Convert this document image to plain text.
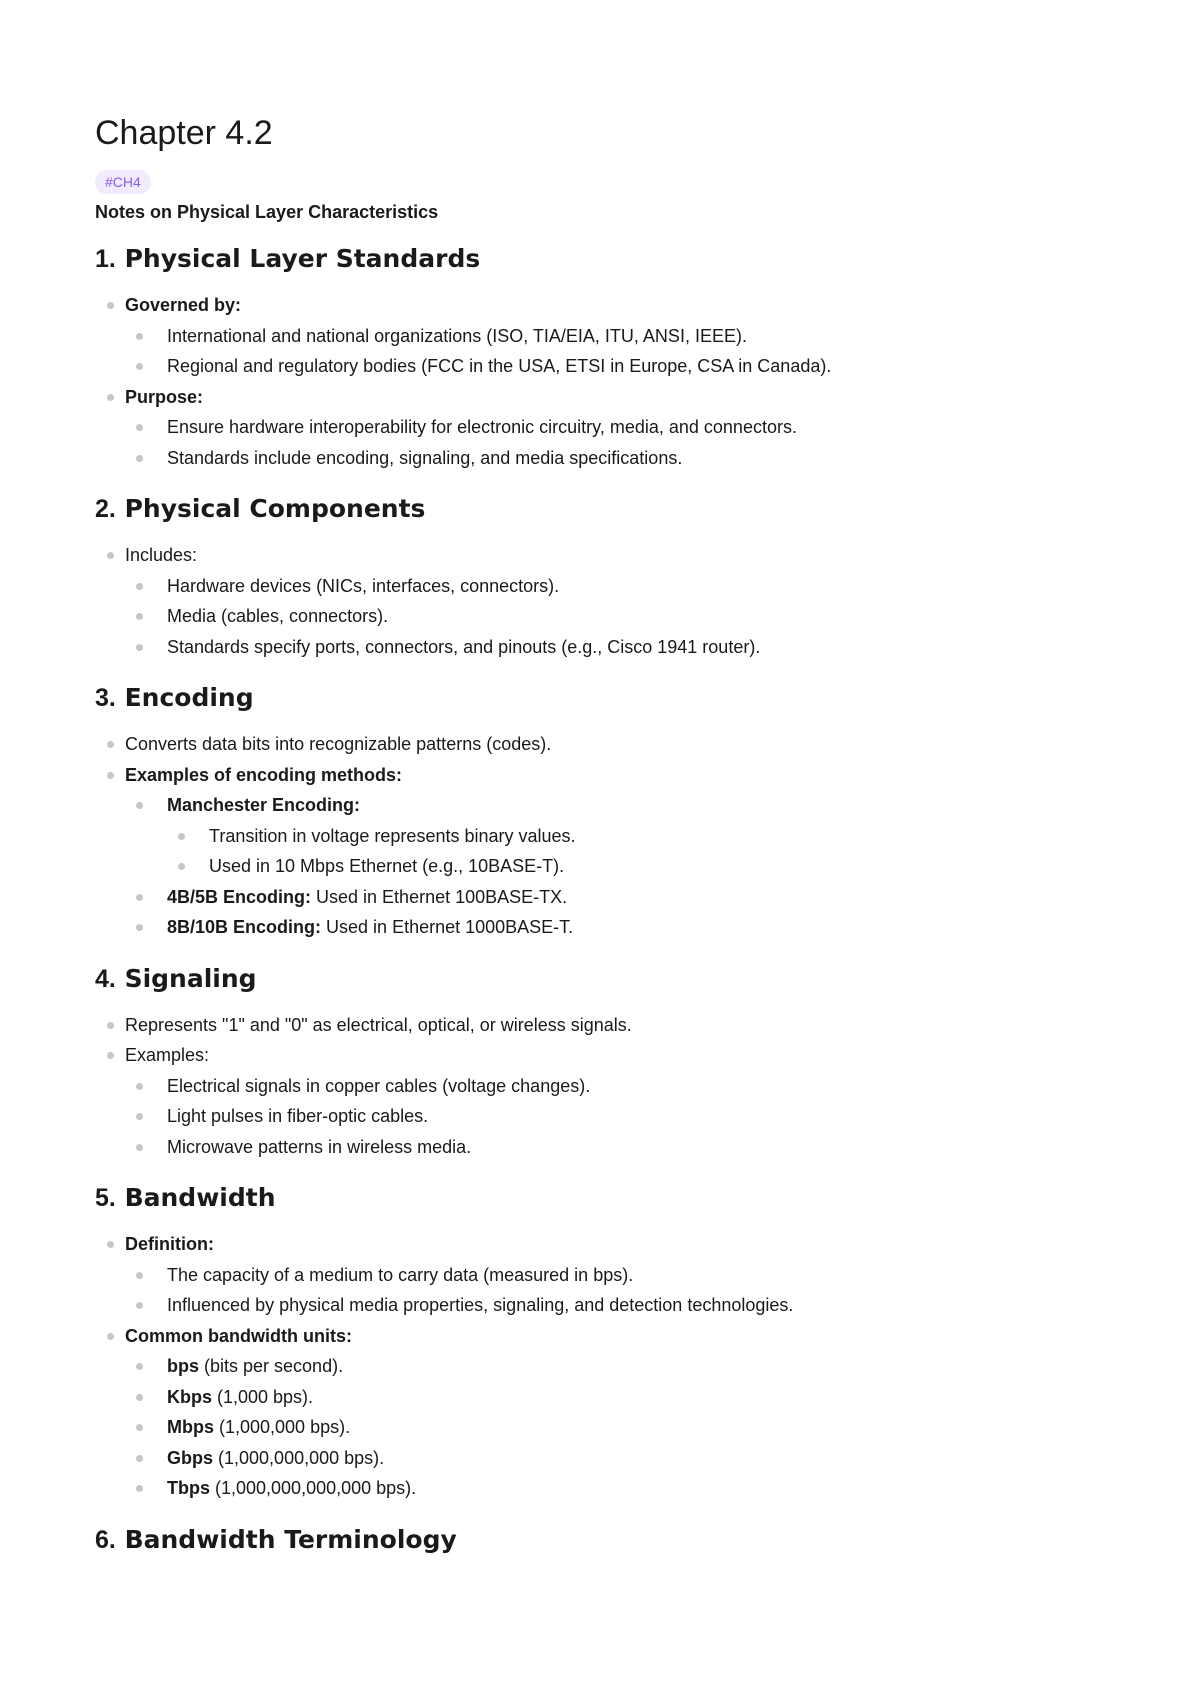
Chapter 4.2
#CH4

Notes on Physical Layer Characteristics

1. Physical Layer Standards
Governed by:
International and national organizations (ISO, TIA/EIA, ITU, ANSI, IEEE).
Regional and regulatory bodies (FCC in the USA, ETSI in Europe, CSA in Canada).
Purpose:
Ensure hardware interoperability for electronic circuitry, media, and connectors.
Standards include encoding, signaling, and media specifications.
2. Physical Components
Includes:
Hardware devices (NICs, interfaces, connectors).
Media (cables, connectors).
Standards specify ports, connectors, and pinouts (e.g., Cisco 1941 router).
3. Encoding
Converts data bits into recognizable patterns (codes).
Examples of encoding methods:
Manchester Encoding:
Transition in voltage represents binary values.
Used in 10 Mbps Ethernet (e.g., 10BASE-T).
4B/5B Encoding: Used in Ethernet 100BASE-TX.
8B/10B Encoding: Used in Ethernet 1000BASE-T.
4. Signaling
Represents "1" and "0" as electrical, optical, or wireless signals.
Examples:
Electrical signals in copper cables (voltage changes).
Light pulses in fiber-optic cables.
Microwave patterns in wireless media.
5. Bandwidth
Definition:
The capacity of a medium to carry data (measured in bps).
Influenced by physical media properties, signaling, and detection technologies.
Common bandwidth units:
bps (bits per second).
Kbps (1,000 bps).
Mbps (1,000,000 bps).
Gbps (1,000,000,000 bps).
Tbps (1,000,000,000,000 bps).
6. Bandwidth Terminology
